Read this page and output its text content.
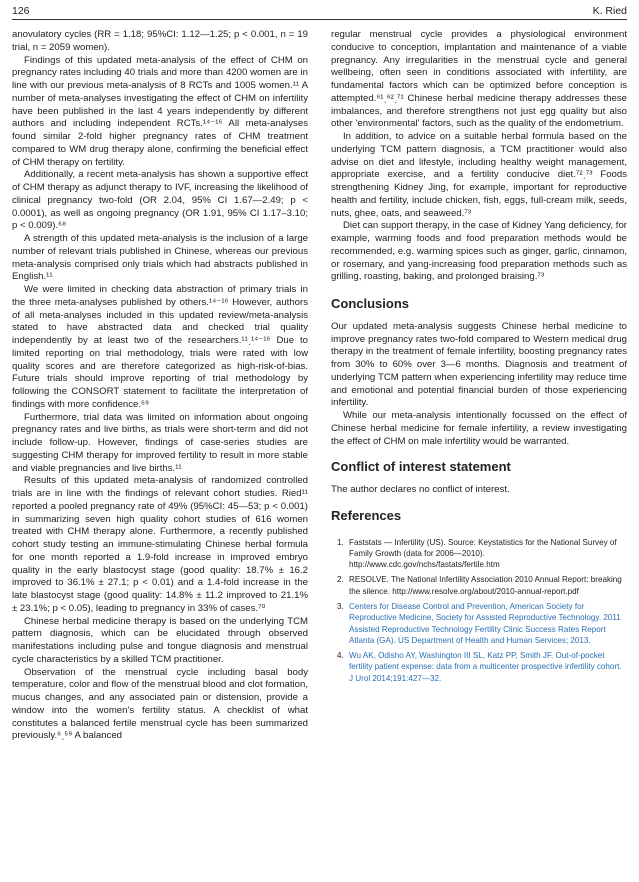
126	K. Ried

anovulatory cycles (RR = 1.18; 95%CI: 1.12—1.25; p < 0.001, n = 19 trial, n = 2059 women).

Findings of this updated meta-analysis of the effect of CHM on pregnancy rates including 40 trials and more than 4200 women are in line with our previous meta-analysis of 8 RCTs and 1005 women.¹¹ A number of meta-analyses investigating the effect of CHM on infertility have been published in the last 4 years independently by different authors and including independent RCTs.¹⁴⁻¹⁶ All meta-analyses found similar 2-fold higher pregnancy rates of CHM treatment compared to WM drug therapy alone, confirming the beneficial effect of CHM therapy on fertility.

Additionally, a recent meta-analysis has shown a supportive effect of CHM therapy as adjunct therapy to IVF, increasing the likelihood of clinical pregnancy two-fold (OR 2.04, 95% CI 1.67—2.49; p < 0.0001), as well as ongoing pregnancy (OR 1.91, 95% CI 1.17–3.10; p < 0.009).⁶⁸

A strength of this updated meta-analysis is the inclusion of a large number of relevant trials published in Chinese, whereas our previous meta-analysis comprised only trials which had abstracts published in English.¹¹

We were limited in checking data abstraction of primary trials in the three meta-analyses published by others.¹⁴⁻¹⁶ However, authors of all meta-analyses included in this updated review/meta-analysis stated to have abstracted data and checked trial quality independently by at least two of the researchers.¹¹ˏ¹⁴⁻¹⁶ Due to limited reporting on trial methodology, trials were rated with low quality scores and are therefore categorized as high-risk-of-bias. Future trials should improve reporting of trial methodology by following the CONSORT statement to facilitate the interpretation of findings with more confidence.⁶⁹

Furthermore, trial data was limited on information about ongoing pregnancy rates and live births, as trials were short-term and did not include follow-up. However, findings of case-series studies are suggesting CHM therapy for improved fertility to result in more stable and viable pregnancies and live births.¹¹

Results of this updated meta-analysis of randomized controlled trials are in line with the findings of relevant cohort studies. Ried¹¹ reported a pooled pregnancy rate of 49% (95%CI: 45—53; p < 0.001) in summarizing seven high quality cohort studies of 616 women treated with CHM therapy alone. Furthermore, a recently published cohort study testing an immune-stimulating Chinese herbal formula for one month reported a 1.9-fold increase in improved embryo quality in the early blastocyst stage (good quality: 18.7% ± 16.2 improved to 36.1% ± 27.1; p < 0.01) and a 1.4-fold increase in the late blastocyst stage (good quality: 14.8% ± 11.2 improved to 21.1% ± 23.1%; p < 0.05), leading to pregnancy in 33% of cases.⁷⁰

Chinese herbal medicine therapy is based on the underlying TCM pattern diagnosis, which can be elucidated through observed manifestations including pulse and tongue diagnosis and menstrual cycle characteristics by a skilled TCM practitioner.

Observation of the menstrual cycle including basal body temperature, color and flow of the menstrual blood and clot formation, mucus changes, and any associated pain or distension, provide a window into the women's fertility status. A checklist of what constitutes a balanced fertile menstrual cycle has been summarized previously.⁶ˏ⁵⁹ A balanced

regular menstrual cycle provides a physiological environment conducive to conception, implantation and maintenance of a viable pregnancy. Any irregularities in the menstrual cycle and general wellbeing, often seen in conditions associated with infertility, are fundamental factors which can be optimized before conception is attempted.⁶¹ˏ⁶²ˏ⁷¹ Chinese herbal medicine therapy addresses these imbalances, and therefore strengthens not just egg quality but also other 'environmental' factors, such as the quality of the endometrium.

In addition, to advice on a suitable herbal formula based on the underlying TCM pattern diagnosis, a TCM practitioner would also advise on diet and lifestyle, including healthy weight management, appropriate exercise, and a fertility conducive diet.⁷²ˏ⁷³ Foods strengthening Kidney Jing, for example, important for reproductive health and fertility, include chicken, fish, eggs, full-cream milk, seeds, nuts, ghee, oats, and seaweed.⁷³

Diet can support therapy, in the case of Kidney Yang deficiency, for example, warming foods and food preparation methods would be recommended, e.g. warming spices such as ginger, garlic, cinnamon, or rosemary, and yang-increasing food preparation methods such as grilling, roasting, baking, and prolonged braising.⁷³

Conclusions

Our updated meta-analysis suggests Chinese herbal medicine to improve pregnancy rates two-fold compared to Western medical drug therapy in the treatment of female infertility, boosting pregnancy rates from 30% to 60% over 3—6 months. Diagnosis and treatment of underlying TCM pattern when experiencing infertility may reduce time and emotional and potential financial burden of those experiencing infertility.

While our meta-analysis intentionally focussed on the effect of Chinese herbal medicine for female infertility, a review investigating the effect of CHM on male infertility would be warranted.

Conflict of interest statement

The author declares no conflict of interest.

References
1. Faststats — Infertility (US). Source: Keystatistics for the National Survey of Family Growth (data for 2006—2010). http://www.cdc.gov/nchs/fastats/fertile.htm
2. RESOLVE. The National Infertility Association 2010 Annual Report: breaking the silence. http://www.resolve.org/about/2010-annual-report.pdf
3. Centers for Disease Control and Prevention, American Society for Reproductive Medicine, Society for Assisted Reproductive Technology. 2011 Assisted Reproductive Technology Fertility Clinic Success Rates Report Atlanta (GA). US Department of Health and Human Services; 2013.
4. Wu AK, Odisho AY, Washington III SL, Katz PP, Smith JF. Out-of-pocket fertility patient expense: data from a multicenter prospective infertility cohort. J Urol 2014;191:427—32.
